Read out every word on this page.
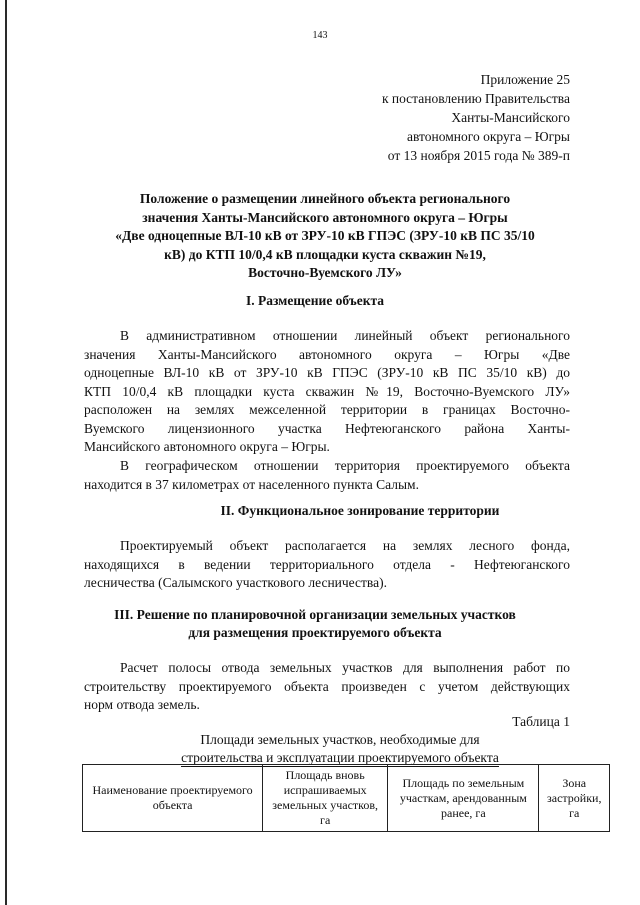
143
Приложение 25
к постановлению Правительства
Ханты-Мансийского
автономного округа – Югры
от 13 ноября 2015 года № 389-п
Положение о размещении линейного объекта регионального
значения Ханты-Мансийского автономного округа – Югры
«Две одноцепные ВЛ-10 кВ от ЗРУ-10 кВ ГПЭС (ЗРУ-10 кВ ПС 35/10
кВ) до КТП 10/0,4 кВ площадки куста скважин №19,
Восточно-Вуемского ЛУ»
I. Размещение объекта
В административном отношении линейный объект регионального
значения Ханты-Мансийского автономного округа – Югры «Две
одноцепные ВЛ-10 кВ от ЗРУ-10 кВ ГПЭС (ЗРУ-10 кВ ПС 35/10 кВ) до
КТП 10/0,4 кВ площадки куста скважин №19, Восточно-Вуемского ЛУ»
расположен на землях межселенной территории в границах Восточно-
Вуемского лицензионного участка Нефтеюганского района Ханты-
Мансийского автономного округа – Югры.
В географическом отношении территория проектируемого объекта
находится в 37 километрах от населенного пункта Салым.
II. Функциональное зонирование территории
Проектируемый объект располагается на землях лесного фонда,
находящихся в ведении территориального отдела - Нефтеюганского
лесничества (Салымского участкового лесничества).
III. Решение по планировочной организации земельных участков
для размещения проектируемого объекта
Расчет полосы отвода земельных участков для выполнения работ по
строительству проектируемого объекта произведен с учетом действующих
норм отвода земель.
Таблица 1
Площади земельных участков, необходимые для
строительства и эксплуатации проектируемого объекта
Наименование проектируемого объекта	Площадь вновь испрашиваемых земельных участков, га	Площадь по земельным участкам, арендованным ранее, га	Зона застройки, га
